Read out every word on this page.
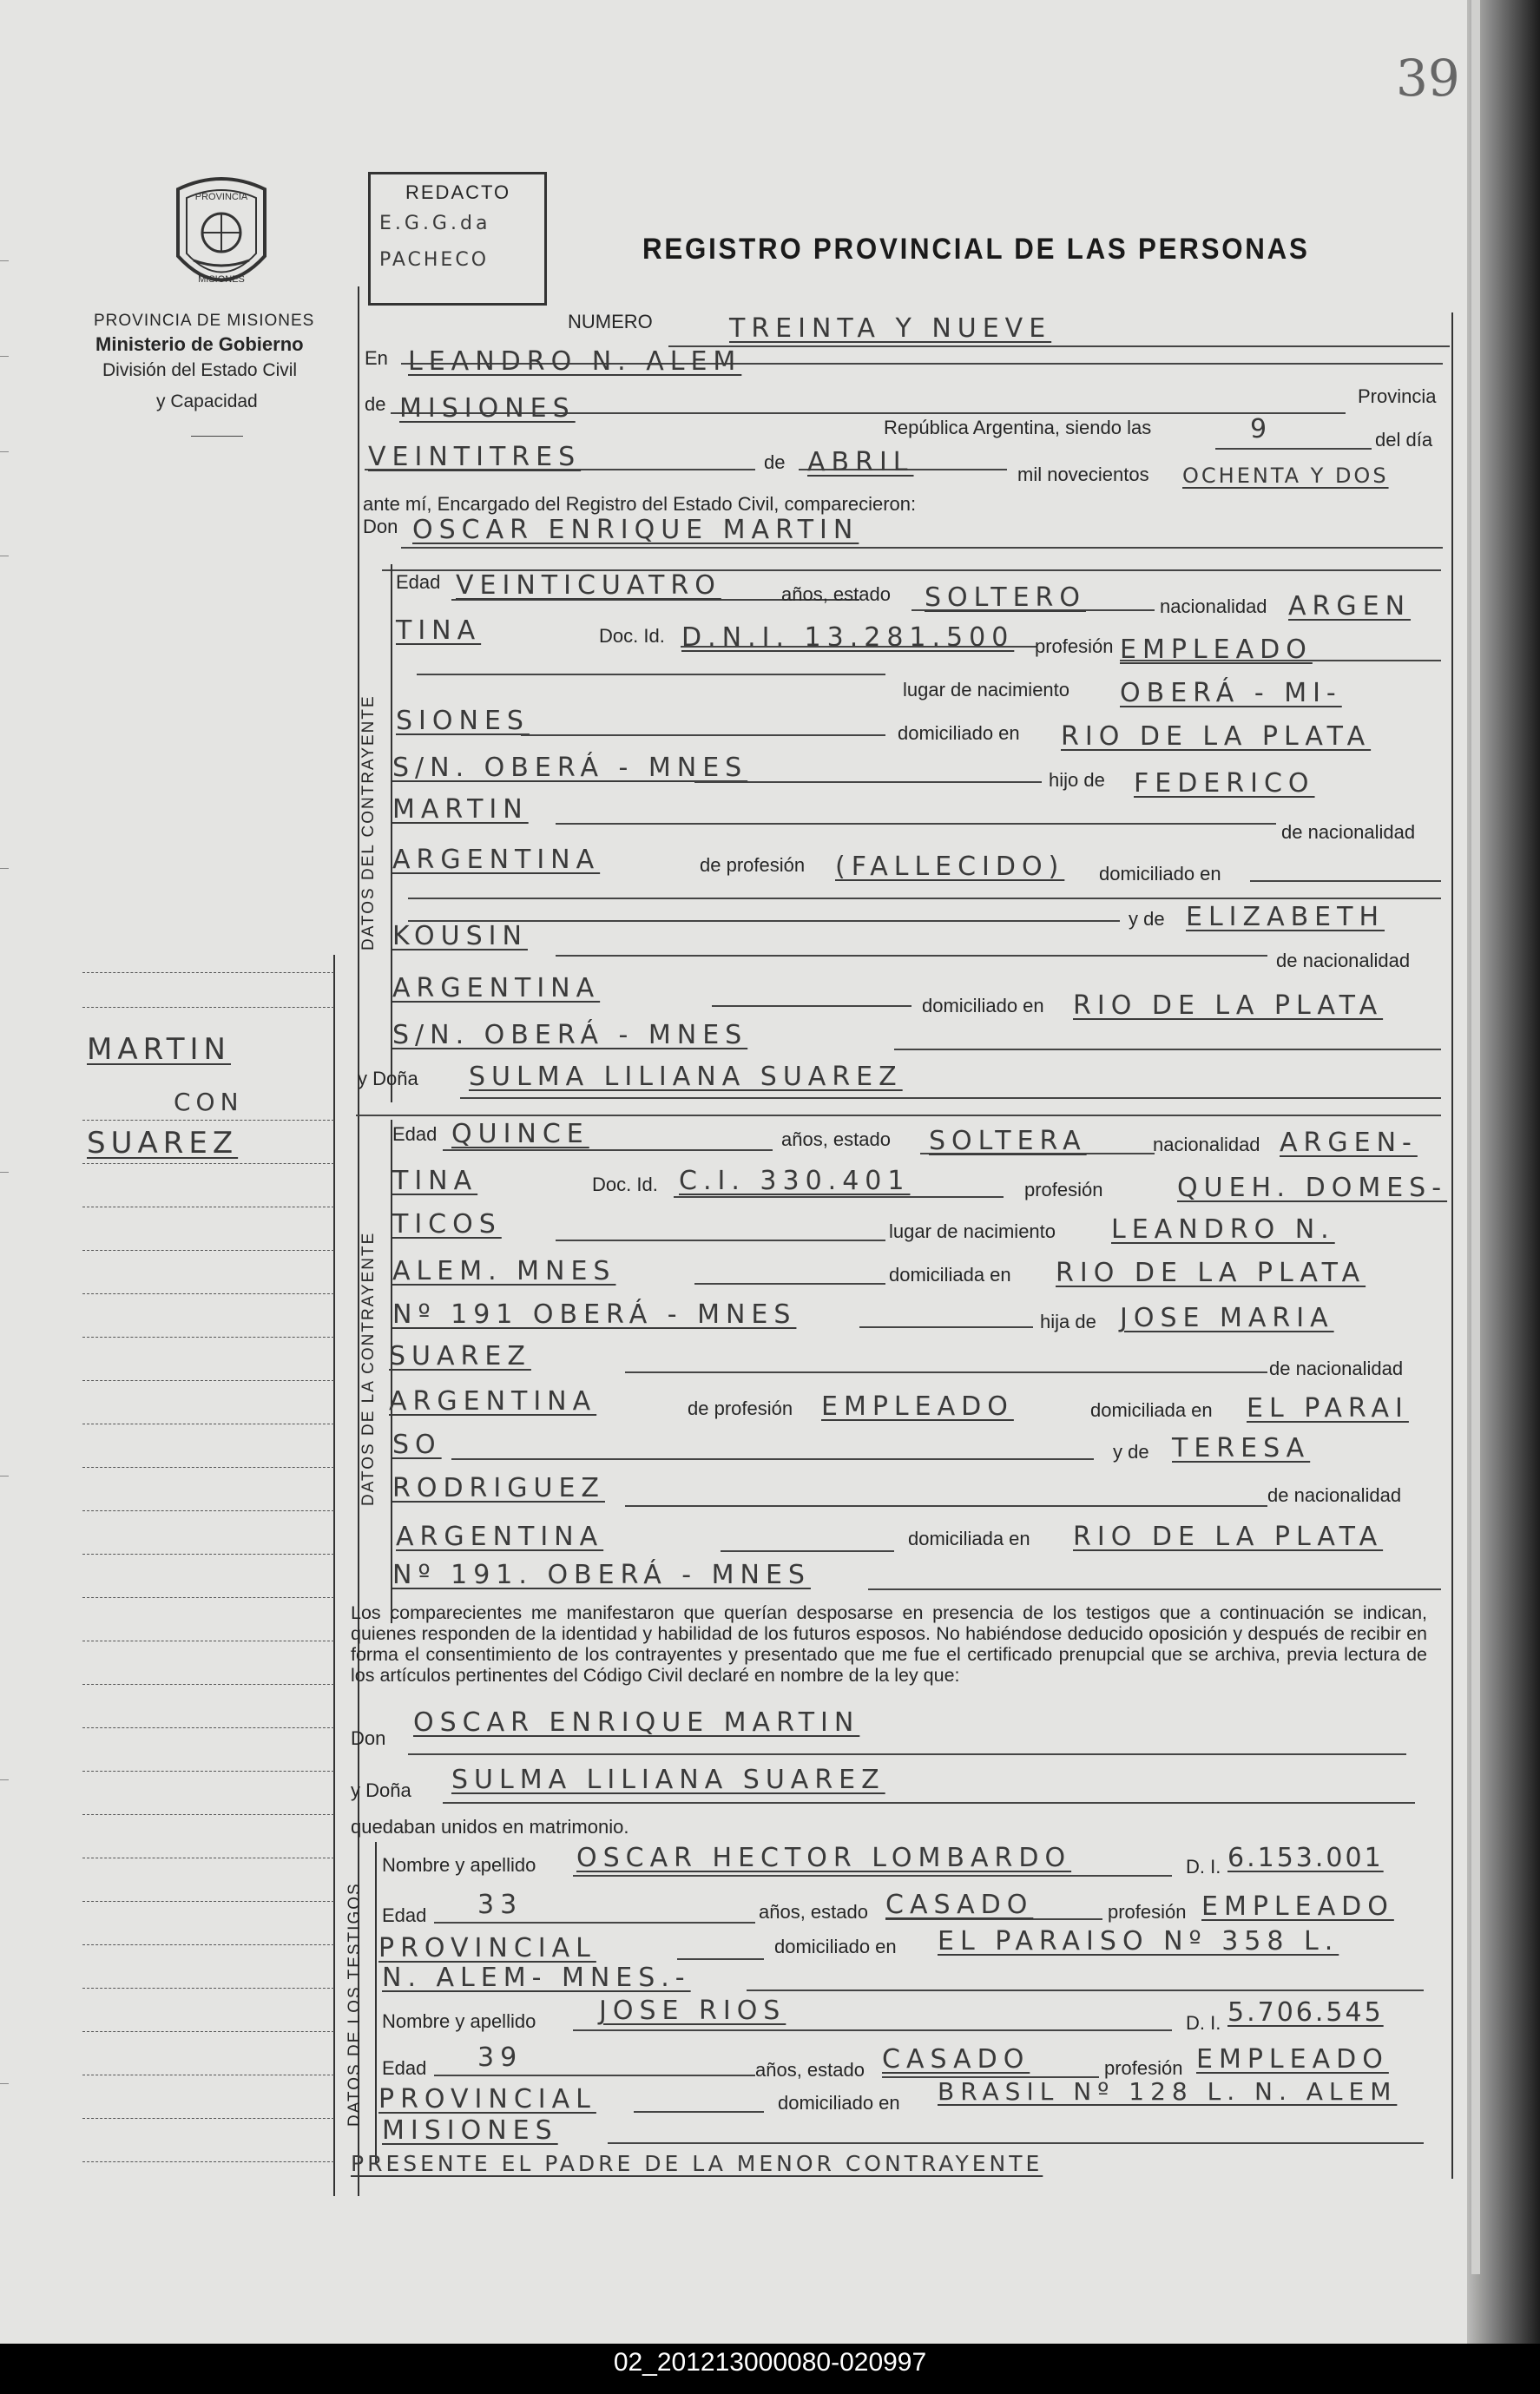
39
PROVINCIA
MISIONES
PROVINCIA DE MISIONES
Ministerio de Gobierno
División del Estado Civil
y Capacidad
REDACTO
E.G.G.da
PACHECO	REGISTRO PROVINCIAL DE LAS PERSONAS
NUMERO	TREINTA Y NUEVE
En LEANDRO N. ALEM
de MISIONES	Provincia
República Argentina, siendo las	9	del día
VEINTITRES	de ABRIL	mil novecientos OCHENTA Y DOS
ante mí, Encargado del Registro del Estado Civil, comparecieron:
Don OSCAR ENRIQUE MARTIN
DATOS DEL CONTRAYENTE
Edad VEINTICUATRO	años, estado SOLTERO	nacionalidad ARGEN
TINA	Doc. Id. D.N.I. 13.281.500 profesión EMPLEADO
lugar de nacimiento OBERÁ - MI-
SIONES	domiciliado en RIO DE LA PLATA
S/N. OBERÁ - MNES	hijo de FEDERICO
MARTIN
de nacionalidad
ARGENTINA	de profesión (FALLECIDO) domiciliado en
y de ELIZABETH
KOUSIN
de nacionalidad
ARGENTINA
domiciliado en RIO DE LA PLATA
S/N. OBERÁ - MNES
y Doña SULMA LILIANA SUAREZ
DATOS DE LA CONTRAYENTE
Edad QUINCE	años, estado SOLTERA	nacionalidad ARGEN-
TINA	Doc. Id. C.I. 330.401	profesión	QUEH. DOMES-
TICOS	lugar de nacimiento LEANDRO N.
ALEM. MNES	domiciliada en RIO DE LA PLATA
Nº 191 OBERÁ - MNES	hija de JOSE MARIA
SUAREZ	de nacionalidad
ARGENTINA	de profesión EMPLEADO	domiciliada en EL PARAI
SO	y de TERESA
RODRIGUEZ	de nacionalidad
ARGENTINA	domiciliada en RIO DE LA PLATA
Nº 191. OBERÁ - MNES
Los comparecientes me manifestaron que querían desposarse en presencia de los testigos que a continuación se indican, quienes responden de la identidad y habilidad de los futuros esposos. No habiéndose deducido oposición y después de recibir en forma el consentimiento de los contrayentes y presentado que me fue el certificado prenupcial que se archiva, previa lectura de los artículos pertinentes del Código Civil declaré en nombre de la ley que:
Don
OSCAR ENRIQUE MARTIN
y Doña SULMA LILIANA SUAREZ
quedaban unidos en matrimonio.
DATOS DE LOS TESTIGOS
Nombre y apellido OSCAR HECTOR LOMBARDO	D. I. 6.153.001
Edad 33	años, estado CASADO	profesión EMPLEADO
PROVINCIAL	domiciliado en EL PARAISO Nº 358 L.
N. ALEM- MNES.-
Nombre y apellido JOSE RIOS	D. I. 5.706.545
Edad 39	años, estado CASADO	profesión EMPLEADO
PROVINCIAL	domiciliado en BRASIL Nº 128 L. N. ALEM
MISIONES
PRESENTE EL PADRE DE LA MENOR CONTRAYENTE
MARTIN
CON
SUAREZ
02_201213000080-020997
